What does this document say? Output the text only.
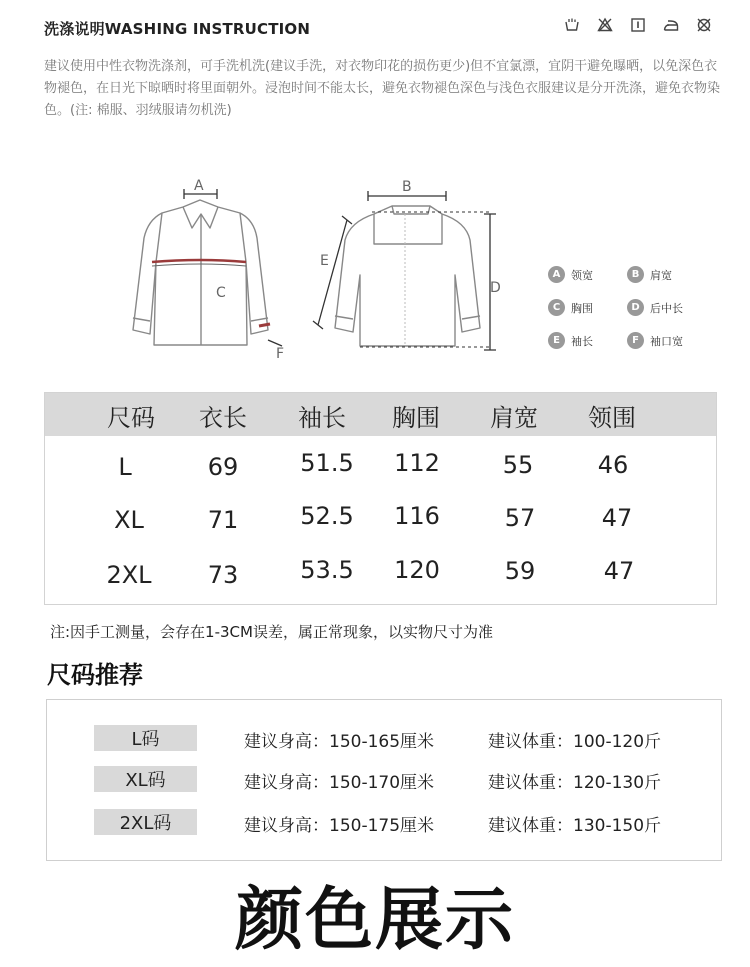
洗涤说明WASHING INSTRUCTION
建议使用中性衣物洗涤剂，可手洗机洗(建议手洗，对衣物印花的损伤更少)但不宜氯漂，宜阴干避免曝晒，以免深色衣物褪色，在日光下晾晒时将里面朝外。浸泡时间不能太长，避免衣物褪色深色与浅色衣服建议是分开洗涤，避免衣物染色。(注: 棉服、羽绒服请勿机洗)
A	B
C	D
E
F
A 领宽	B 肩宽
C 胸围	D 后中长
E	袖长	F	袖口宽
尺码 衣长 袖长 胸围 肩宽 领围
L	69	51.5 112	55	46
XL	71	52.5 116	57	47
2XL 73	53.5 120	59	47
注:因手工测量，会存在1-3CM误差，属正常现象，以实物尺寸为准
尺码推荐
L码	建议身高：150-165厘米	建议体重：100-120斤
XL码	建议身高：150-170厘米	建议体重：120-130斤
2XL码	建议身高：150-175厘米	建议体重：130-150斤
颜色展示
